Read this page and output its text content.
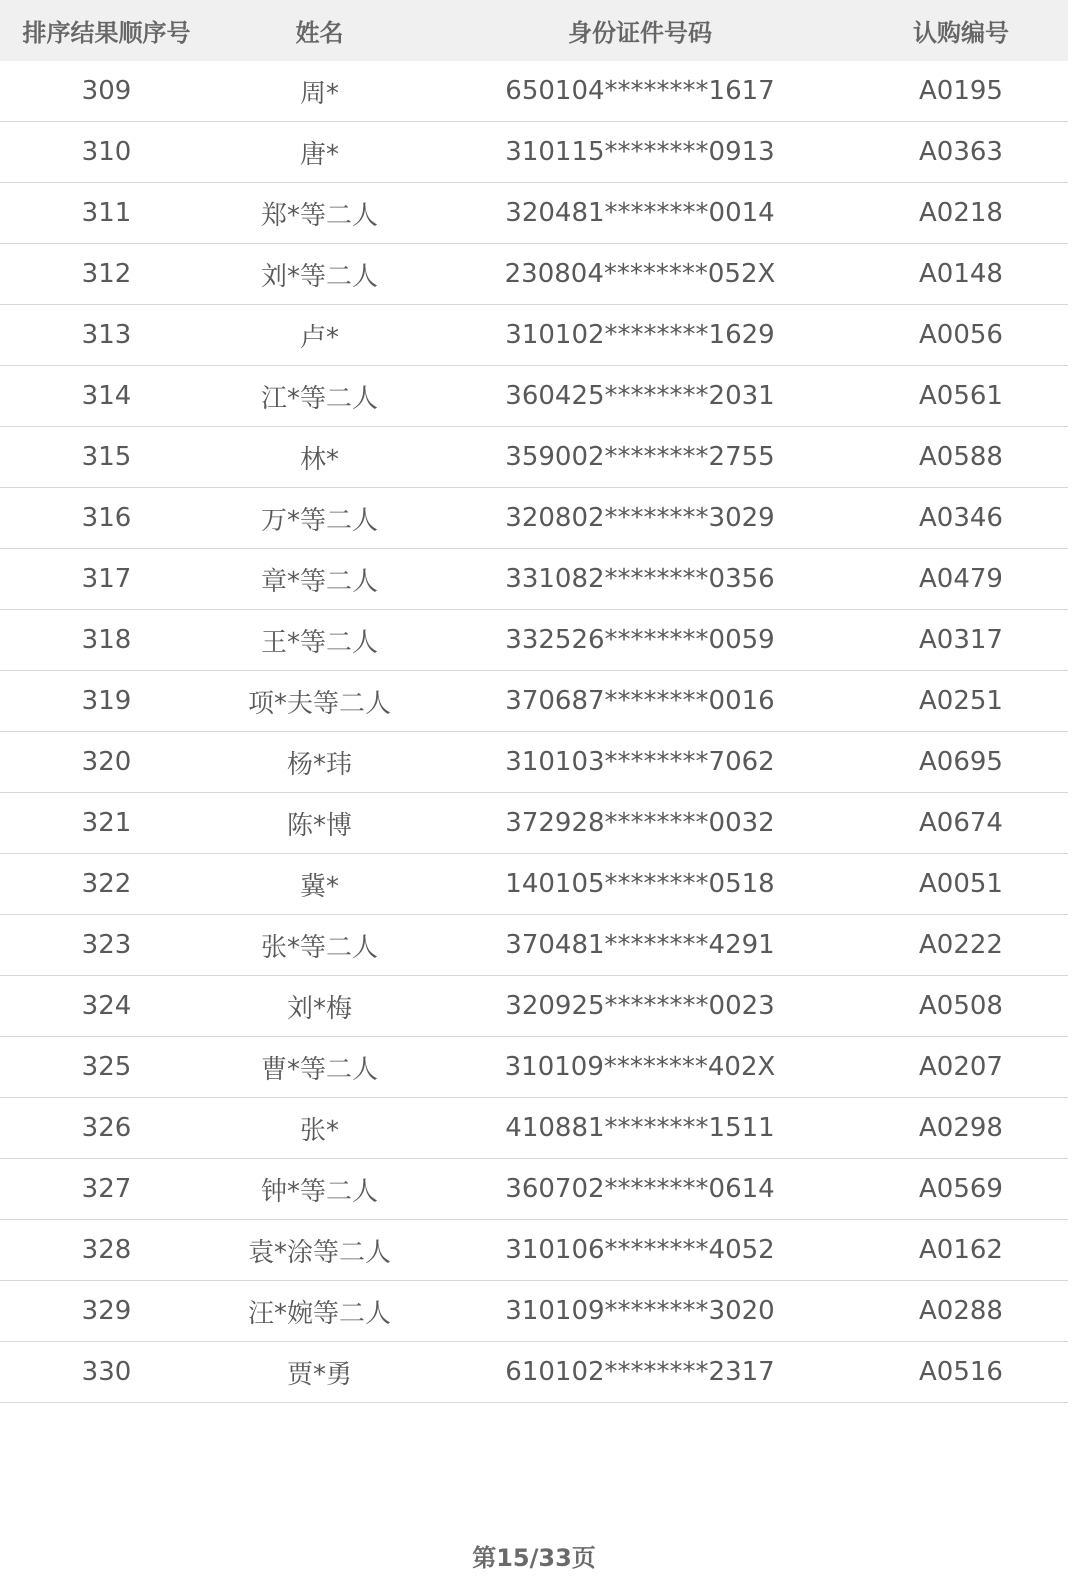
排序结果顺序号	姓名	身份证件号码	认购编号
309	周*	650104********1617	A0195
310	唐*	310115********0913	A0363
311	郑*等二人	320481********0014	A0218
312	刘*等二人	230804********052X	A0148
313	卢*	310102********1629	A0056
314	江*等二人	360425********2031	A0561
315	林*	359002********2755	A0588
316	万*等二人	320802********3029	A0346
317	章*等二人	331082********0356	A0479
318	王*等二人	332526********0059	A0317
319	项*夫等二人	370687********0016	A0251
320	杨*玮	310103********7062	A0695
321	陈*博	372928********0032	A0674
322	冀*	140105********0518	A0051
323	张*等二人	370481********4291	A0222
324	刘*梅	320925********0023	A0508
325	曹*等二人	310109********402X	A0207
326	张*	410881********1511	A0298
327	钟*等二人	360702********0614	A0569
328	袁*涂等二人	310106********4052	A0162
329	汪*婉等二人	310109********3020	A0288
330	贾*勇	610102********2317	A0516
第15/33页
